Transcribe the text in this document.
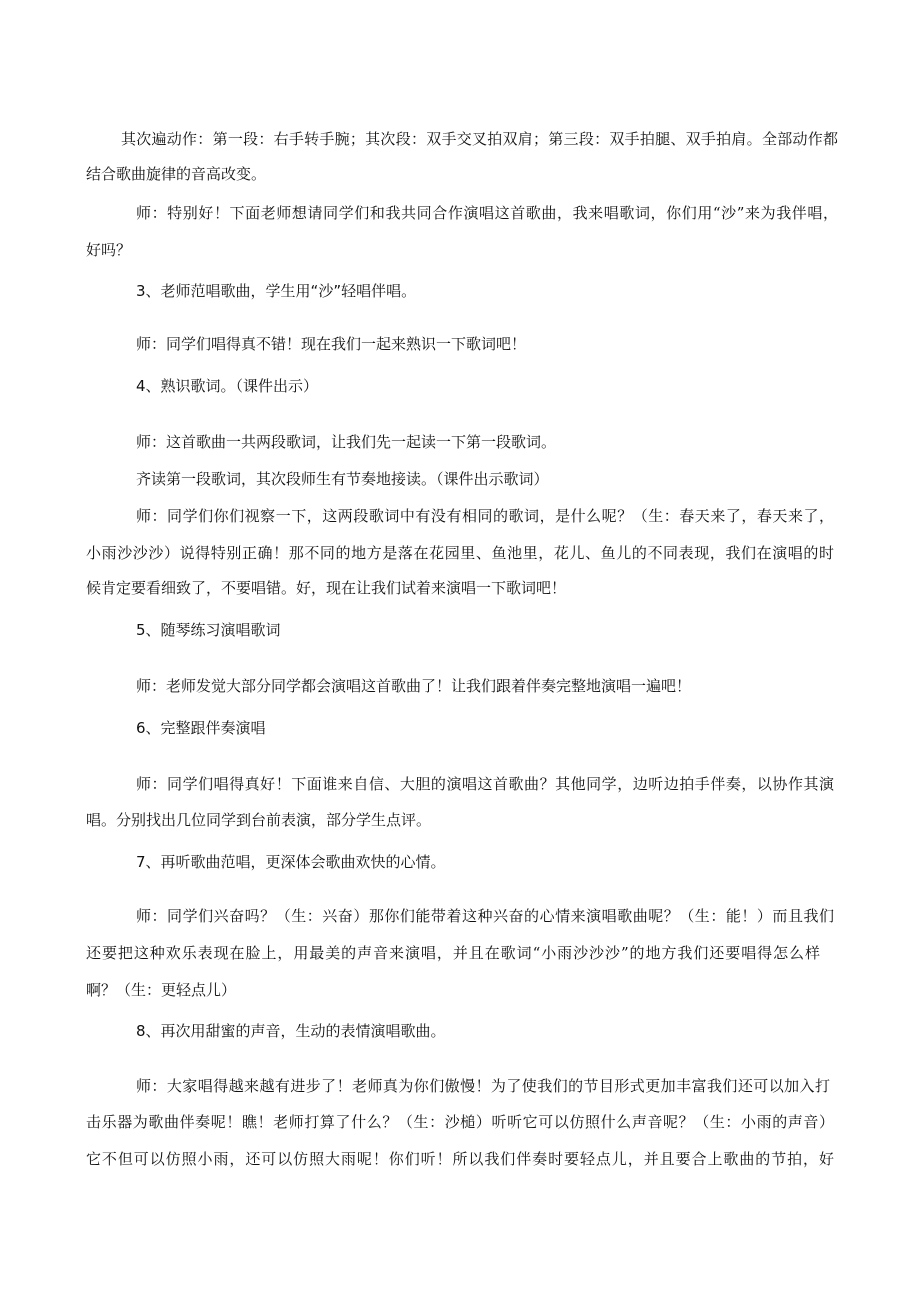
其次遍动作：第一段：右手转手腕；其次段：双手交叉拍双肩；第三段：双手拍腿、双手拍肩。全部动作都
结合歌曲旋律的音高改变。
师：特别好！下面老师想请同学们和我共同合作演唱这首歌曲，我来唱歌词，你们用“沙”来为我伴唱，
好吗？
3、老师范唱歌曲，学生用“沙”轻唱伴唱。
师：同学们唱得真不错！现在我们一起来熟识一下歌词吧！
4、熟识歌词。（课件出示）
师：这首歌曲一共两段歌词，让我们先一起读一下第一段歌词。
齐读第一段歌词，其次段师生有节奏地接读。（课件出示歌词）
师：同学们你们视察一下，这两段歌词中有没有相同的歌词，是什么呢？（生：春天来了，春天来了，
小雨沙沙沙）说得特别正确！那不同的地方是落在花园里、鱼池里，花儿、鱼儿的不同表现，我们在演唱的时
候肯定要看细致了，不要唱错。好，现在让我们试着来演唱一下歌词吧！
5、随琴练习演唱歌词
师：老师发觉大部分同学都会演唱这首歌曲了！让我们跟着伴奏完整地演唱一遍吧！
6、完整跟伴奏演唱
师：同学们唱得真好！下面谁来自信、大胆的演唱这首歌曲？其他同学，边听边拍手伴奏，以协作其演
唱。分别找出几位同学到台前表演，部分学生点评。
7、再听歌曲范唱，更深体会歌曲欢快的心情。
师：同学们兴奋吗？（生：兴奋）那你们能带着这种兴奋的心情来演唱歌曲呢？（生：能！）而且我们
还要把这种欢乐表现在脸上，用最美的声音来演唱，并且在歌词“小雨沙沙沙”的地方我们还要唱得怎么样
啊？（生：更轻点儿）
8、再次用甜蜜的声音，生动的表情演唱歌曲。
师：大家唱得越来越有进步了！老师真为你们傲慢！为了使我们的节目形式更加丰富我们还可以加入打
击乐器为歌曲伴奏呢！瞧！老师打算了什么？（生：沙槌）听听它可以仿照什么声音呢？（生：小雨的声音）
它不但可以仿照小雨，还可以仿照大雨呢！你们听！所以我们伴奏时要轻点儿，并且要合上歌曲的节拍，好
